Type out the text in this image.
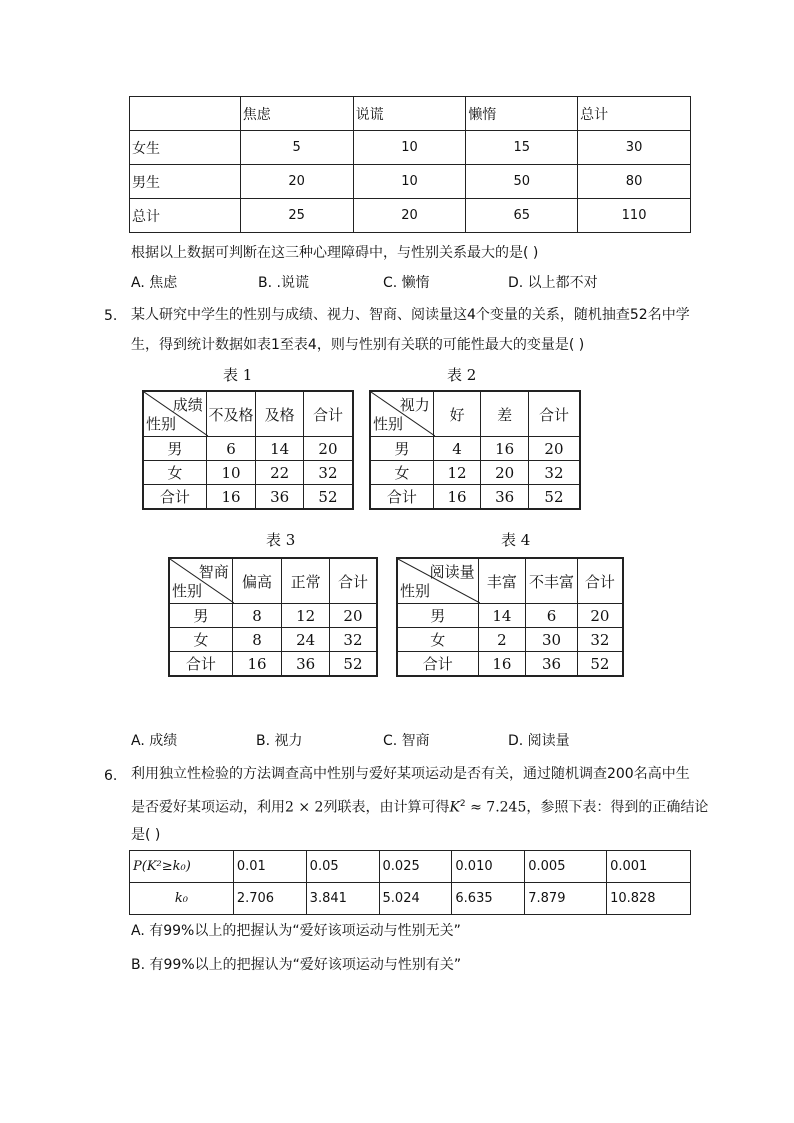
	焦虑	说谎	懒惰	总计
女生	5	10	15	30
男生	20	10	50	80
总计	25	20	65	110
根据以上数据可判断在这三种心理障碍中，与性别关系最大的是( )
A. 焦虑	B. .说谎	C. 懒惰	D. 以上都不对
5. 某人研究中学生的性别与成绩、视力、智商、阅读量这4个变量的关系，随机抽查52名中学
生，得到统计数据如表1至表4，则与性别有关联的可能性最大的变量是( )
表 1
成绩
性别	不及格	及格	合计
男	6	14	20
女	10	22	32
合计	16	36	52
表 2
视力
性别	好	差	合计
男	4	16	20
女	12	20	32
合计	16	36	52
表 3
智商
性别	偏高	正常	合计
男	8	12	20
女	8	24	32
合计	16	36	52
表 4
阅读量
性别	丰富	不丰富	合计
男	14	6	20
女	2	30	32
合计	16	36	52
A. 成绩	B. 视力	C. 智商	D. 阅读量
6. 利用独立性检验的方法调查高中性别与爱好某项运动是否有关，通过随机调查200名高中生
是否爱好某项运动，利用2 × 2列联表，由计算可得$K^2 \approx 7.245$，参照下表：得到的正确结论
是( )
P(K²≥k₀)	0.01	0.05	0.025	0.010	0.005	0.001
k₀	2.706	3.841	5.024	6.635	7.879	10.828
A. 有99%以上的把握认为“爱好该项运动与性别无关”
B. 有99%以上的把握认为“爱好该项运动与性别有关”
